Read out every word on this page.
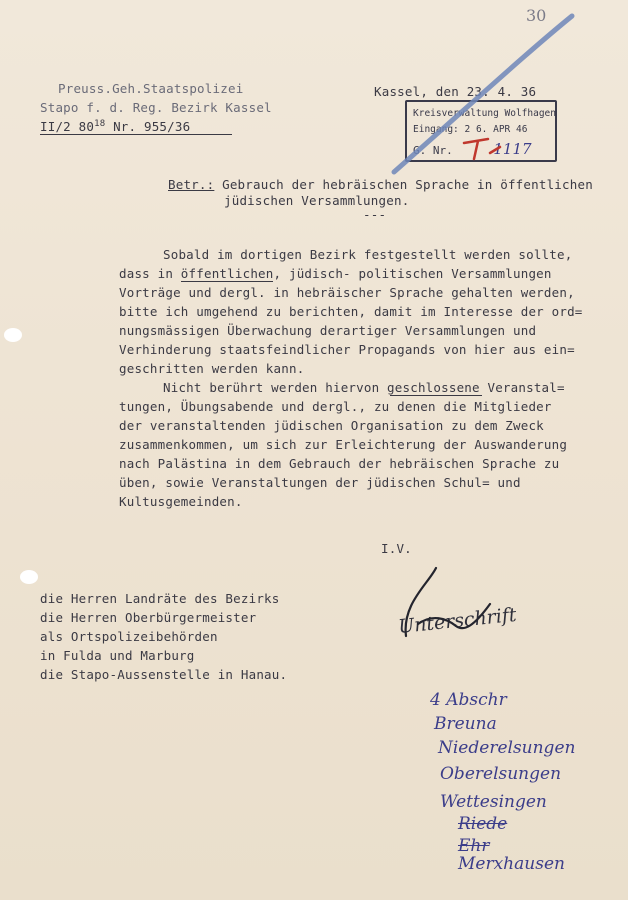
30
Preuss.Geh.Staatspolizei
Stapo f. d. Reg. Bezirk Kassel
II/2 $80^{18}$ Nr. 955/36
Kassel, den 23. 4. 36
Kreisverwaltung Wolfhagen
Eingang: 2 6. APR 46
G. Nr.	1117
Betr.: Gebrauch der hebräischen Sprache in öffentlichen
jüdischen Versammlungen.
---
Sobald im dortigen Bezirk festgestellt werden sollte,
dass in öffentlichen, jüdisch- politischen Versammlungen
Vorträge und dergl. in hebräischer Sprache gehalten werden,
bitte ich umgehend zu berichten, damit im Interesse der ord=
nungsmässigen Überwachung derartiger Versammlungen und
Verhinderung staatsfeindlicher Propagands von hier aus ein=
geschritten werden kann.
Nicht berührt werden hiervon geschlossene Veranstal=
tungen, Übungsabende und dergl., zu denen die Mitglieder
der veranstaltenden jüdischen Organisation zu dem Zweck
zusammenkommen, um sich zur Erleichterung der Auswanderung
nach Palästina in dem Gebrauch der hebräischen Sprache zu
üben, sowie Veranstaltungen der jüdischen Schul= und
Kultusgemeinden.
I.V.
Unterschrift
die Herren Landräte des Bezirks
die Herren Oberbürgermeister
als Ortspolizeibehörden
in Fulda und Marburg
die Stapo-Aussenstelle in Hanau.
4 Abschr
Breuna
Niederelsungen
Oberelsungen
Wettesingen
Riede
Ehr
Merxhausen
